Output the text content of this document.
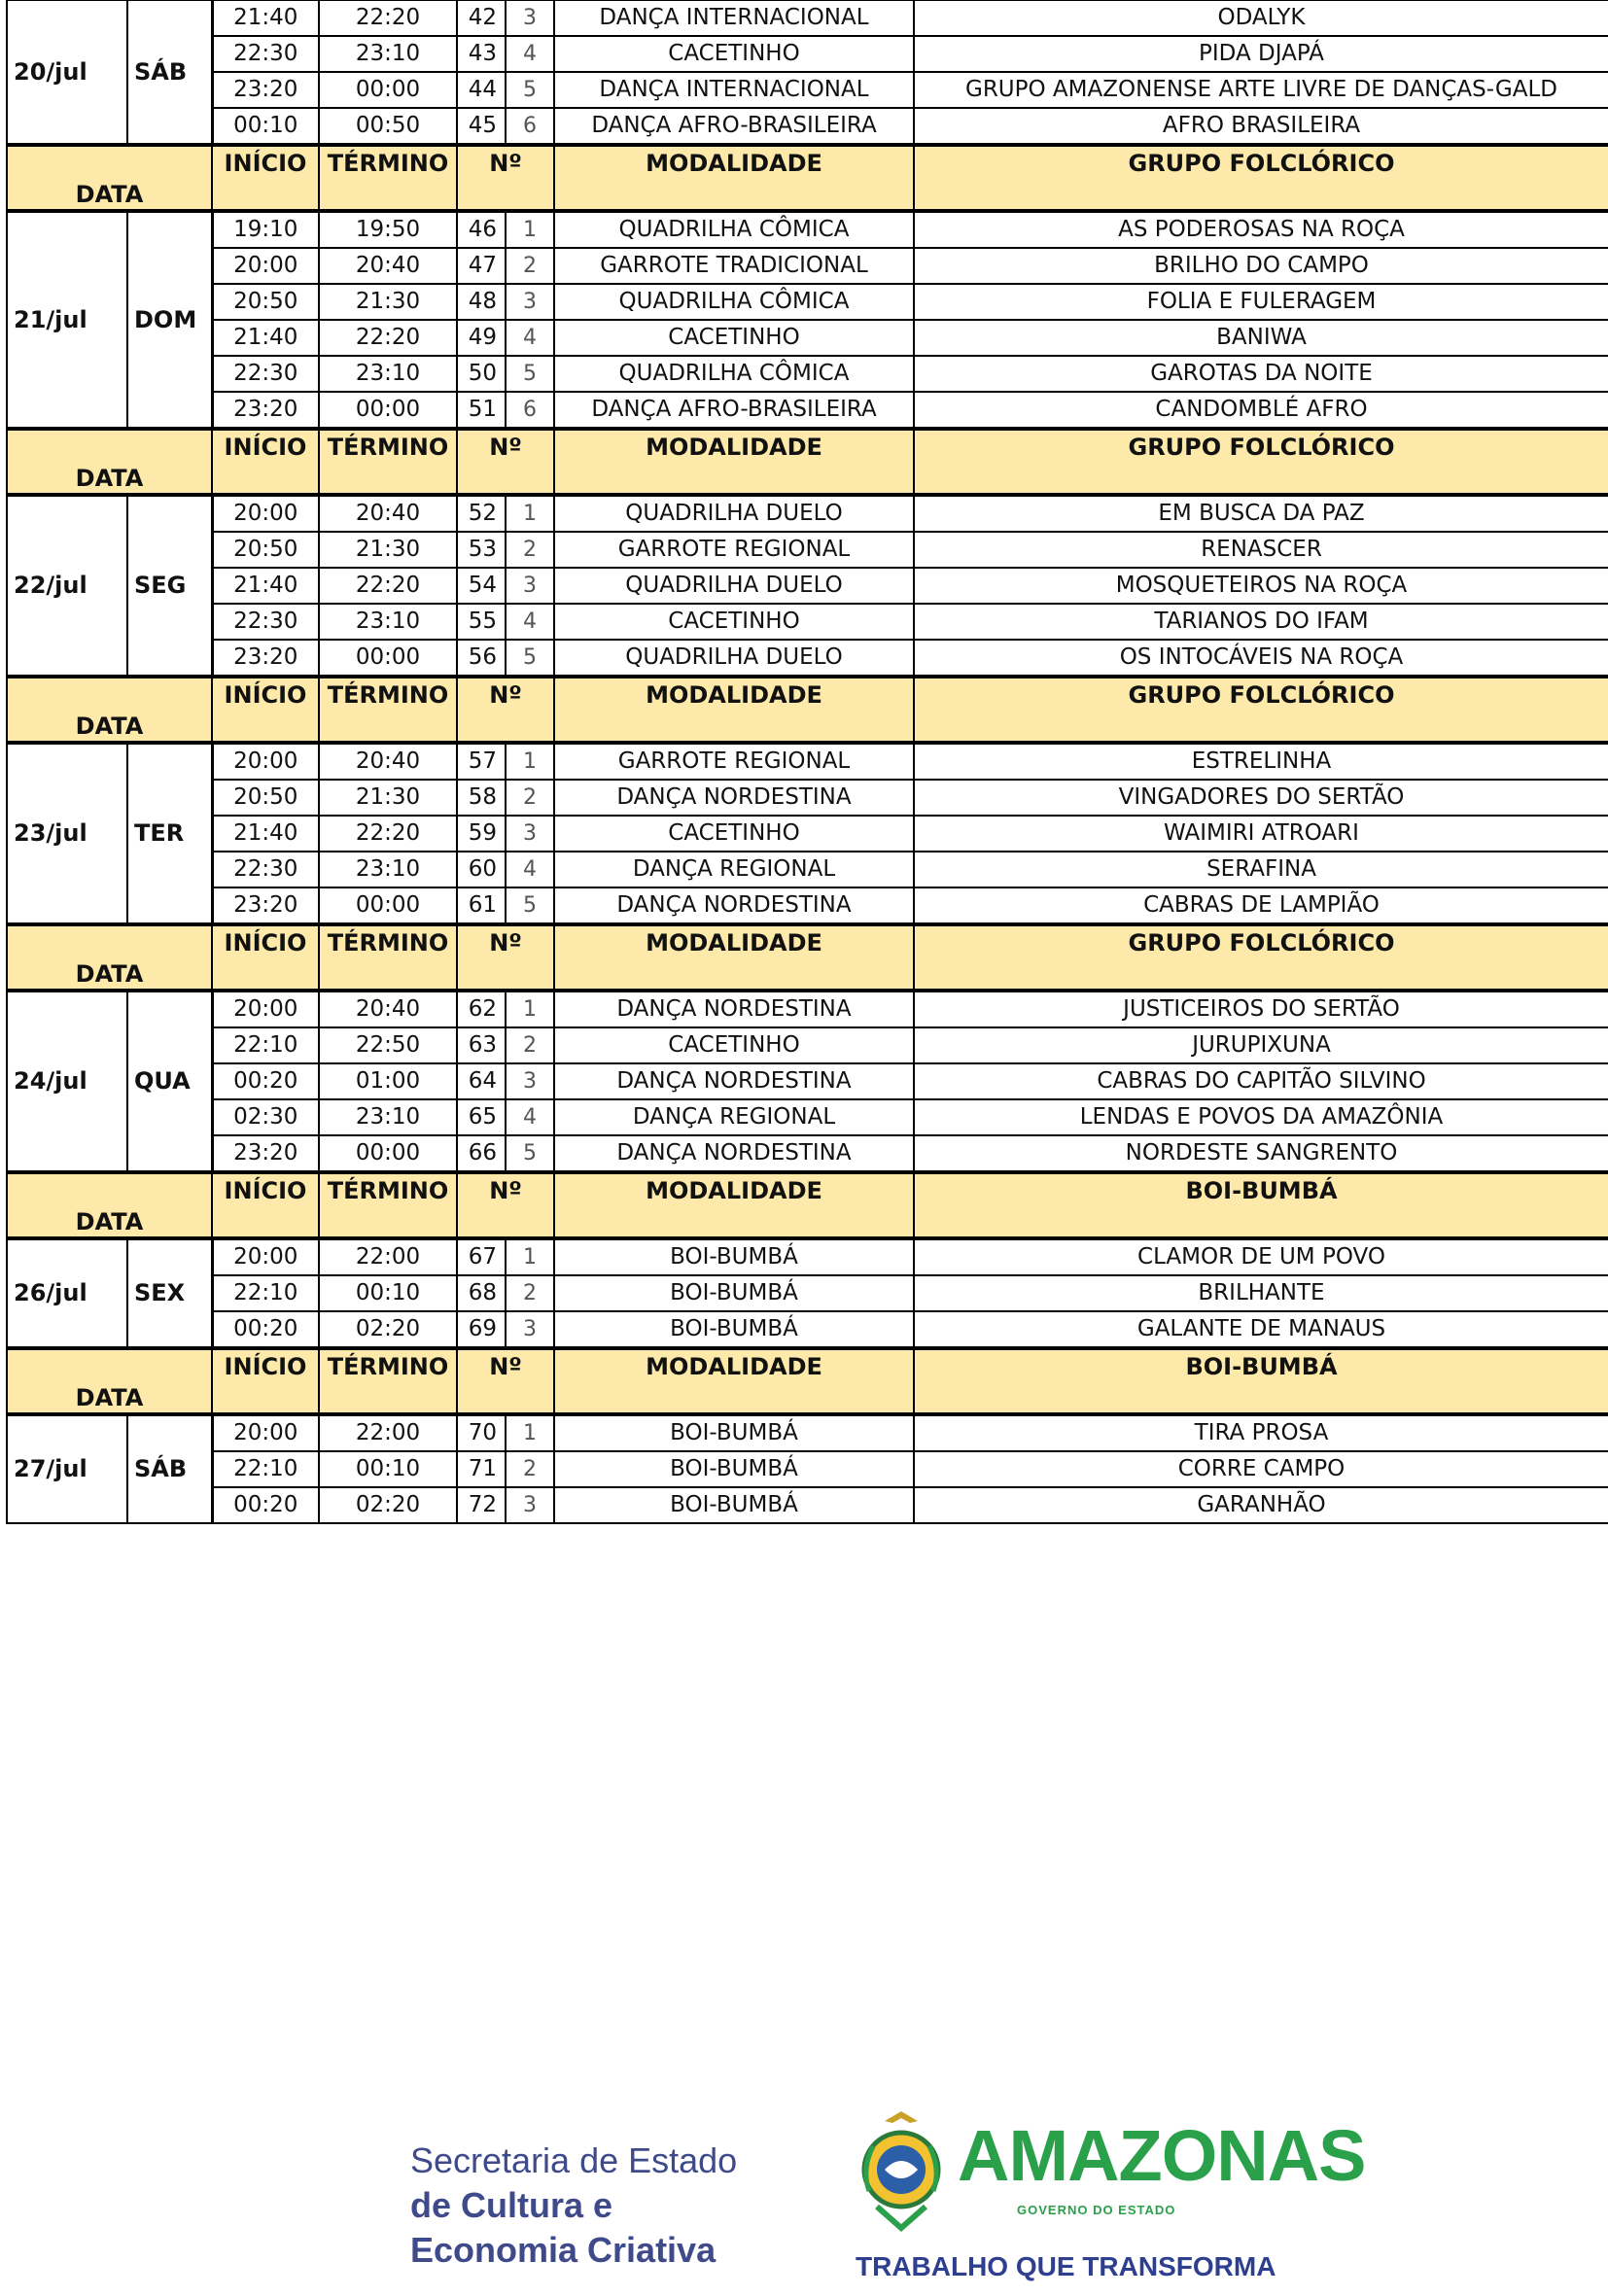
20/jul	SÁB	21:40	22:20	42	3	DANÇA INTERNACIONAL	ODALYK
		22:30	23:10	43	4	CACETINHO	PIDA DJAPÁ
		23:20	00:00	44	5	DANÇA INTERNACIONAL	GRUPO AMAZONENSE ARTE LIVRE DE DANÇAS-GALD
		00:10	00:50	45	6	DANÇA AFRO-BRASILEIRA	AFRO BRASILEIRA
DATA		INÍCIO	TÉRMINO	Nº		MODALIDADE	GRUPO FOLCLÓRICO
21/jul	DOM	19:10	19:50	46	1	QUADRILHA CÔMICA	AS PODEROSAS NA ROÇA
		20:00	20:40	47	2	GARROTE TRADICIONAL	BRILHO DO CAMPO
		20:50	21:30	48	3	QUADRILHA CÔMICA	FOLIA E FULERAGEM
		21:40	22:20	49	4	CACETINHO	BANIWA
		22:30	23:10	50	5	QUADRILHA CÔMICA	GAROTAS DA NOITE
		23:20	00:00	51	6	DANÇA AFRO-BRASILEIRA	CANDOMBLÉ AFRO
DATA		INÍCIO	TÉRMINO	Nº		MODALIDADE	GRUPO FOLCLÓRICO
22/jul	SEG	20:00	20:40	52	1	QUADRILHA DUELO	EM BUSCA DA PAZ
		20:50	21:30	53	2	GARROTE REGIONAL	RENASCER
		21:40	22:20	54	3	QUADRILHA DUELO	MOSQUETEIROS NA ROÇA
		22:30	23:10	55	4	CACETINHO	TARIANOS DO IFAM
		23:20	00:00	56	5	QUADRILHA DUELO	OS INTOCÁVEIS NA ROÇA
DATA		INÍCIO	TÉRMINO	Nº		MODALIDADE	GRUPO FOLCLÓRICO
23/jul	TER	20:00	20:40	57	1	GARROTE REGIONAL	ESTRELINHA
		20:50	21:30	58	2	DANÇA NORDESTINA	VINGADORES DO SERTÃO
		21:40	22:20	59	3	CACETINHO	WAIMIRI ATROARI
		22:30	23:10	60	4	DANÇA REGIONAL	SERAFINA
		23:20	00:00	61	5	DANÇA NORDESTINA	CABRAS DE LAMPIÃO
DATA		INÍCIO	TÉRMINO	Nº		MODALIDADE	GRUPO FOLCLÓRICO
24/jul	QUA	20:00	20:40	62	1	DANÇA NORDESTINA	JUSTICEIROS DO SERTÃO
		22:10	22:50	63	2	CACETINHO	JURUPIXUNA
		00:20	01:00	64	3	DANÇA NORDESTINA	CABRAS DO CAPITÃO SILVINO
		02:30	23:10	65	4	DANÇA REGIONAL	LENDAS E POVOS DA AMAZÔNIA
		23:20	00:00	66	5	DANÇA NORDESTINA	NORDESTE SANGRENTO
DATA		INÍCIO	TÉRMINO	Nº		MODALIDADE	BOI-BUMBÁ
26/jul	SEX	20:00	22:00	67	1	BOI-BUMBÁ	CLAMOR DE UM POVO
		22:10	00:10	68	2	BOI-BUMBÁ	BRILHANTE
		00:20	02:20	69	3	BOI-BUMBÁ	GALANTE DE MANAUS
DATA		INÍCIO	TÉRMINO	Nº		MODALIDADE	BOI-BUMBÁ
27/jul	SÁB	20:00	22:00	70	1	BOI-BUMBÁ	TIRA PROSA
		22:10	00:10	71	2	BOI-BUMBÁ	CORRE CAMPO
		00:20	02:20	72	3	BOI-BUMBÁ	GARANHÃO
Secretaria de Estado
de Cultura e
Economia Criativa
AMAZONAS
GOVERNO DO ESTADO
TRABALHO QUE TRANSFORMA
